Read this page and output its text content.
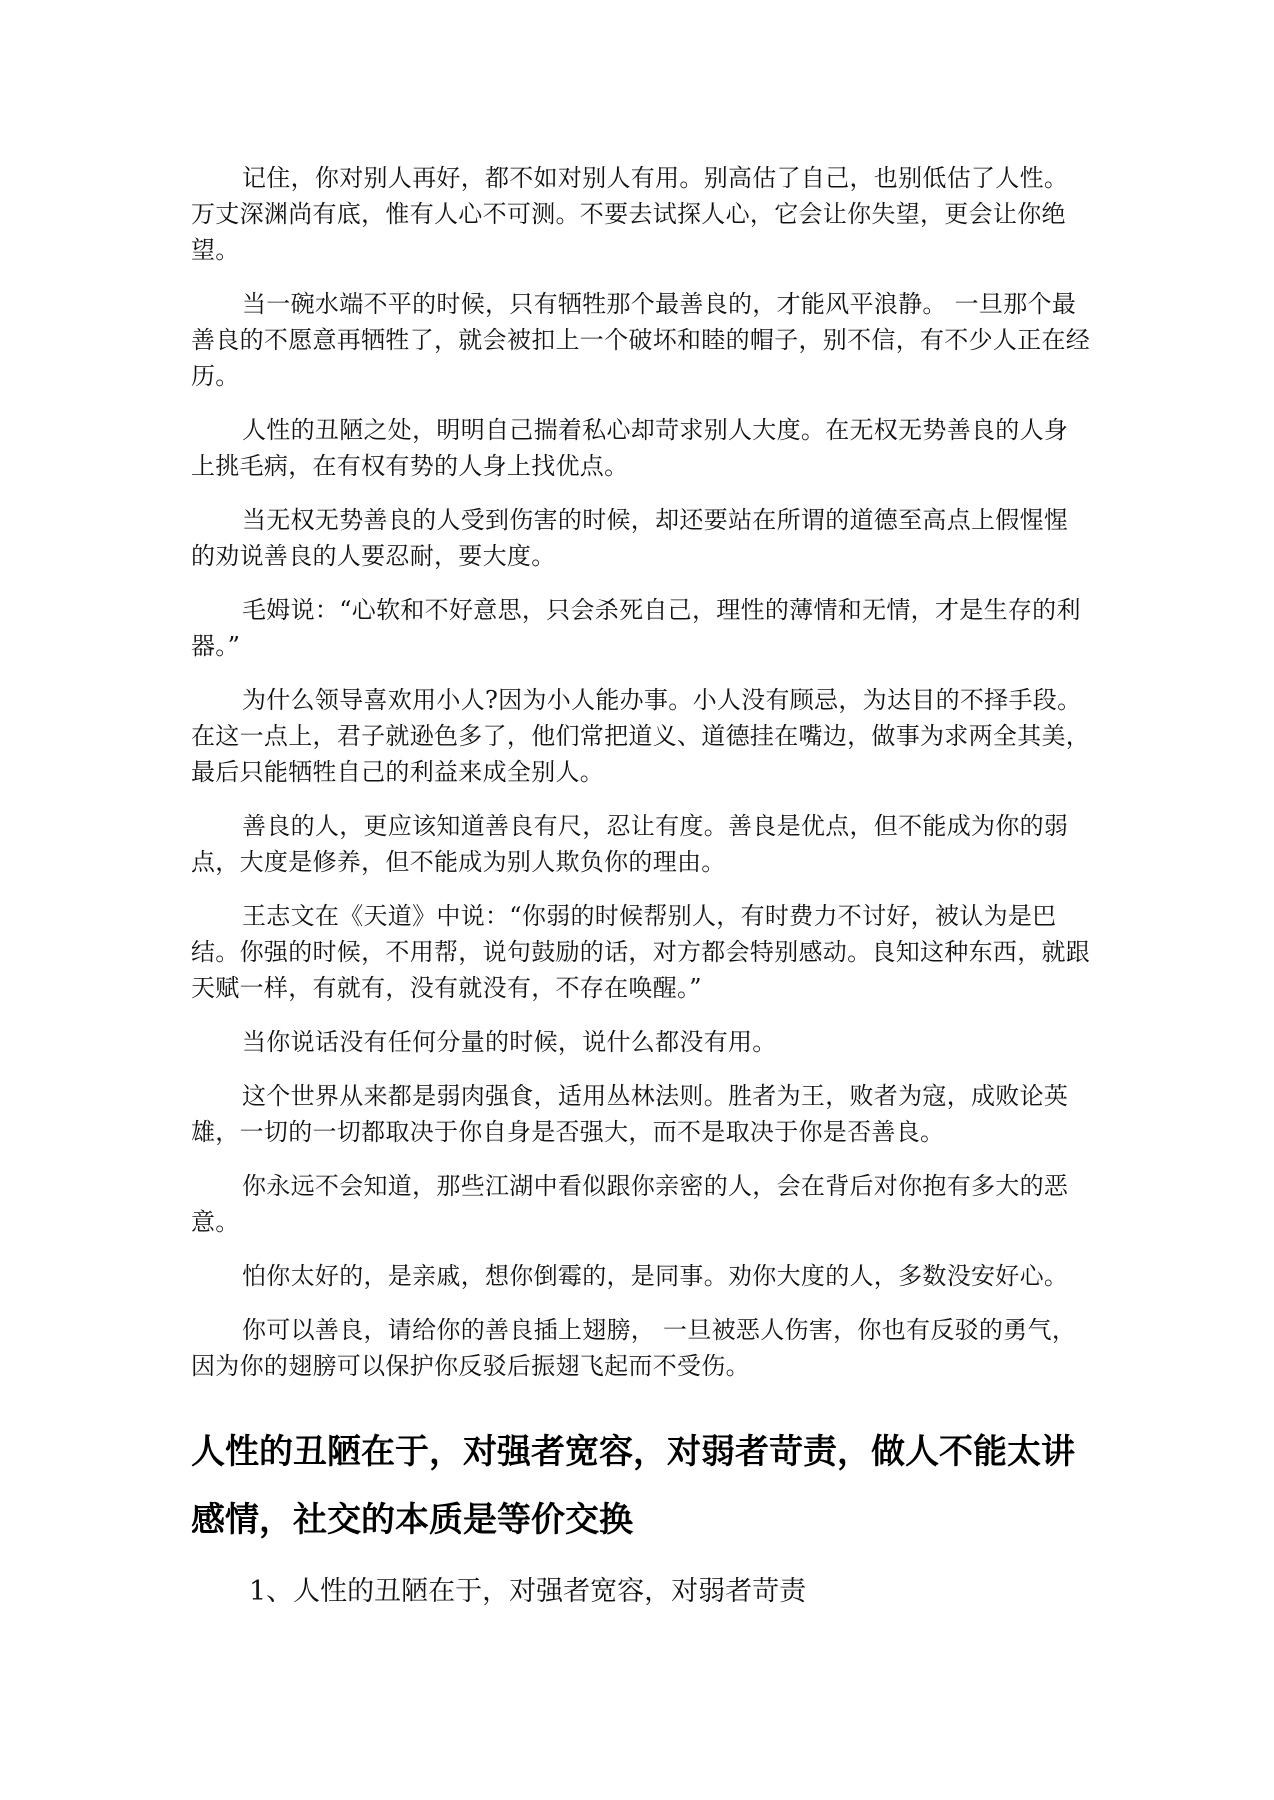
记住，你对别人再好，都不如对别人有用。别高估了自己，也别低估了人性。万丈深渊尚有底，惟有人心不可测。不要去试探人心，它会让你失望，更会让你绝望。

当一碗水端不平的时候，只有牺牲那个最善良的，才能风平浪静。 一旦那个最善良的不愿意再牺牲了，就会被扣上一个破坏和睦的帽子，别不信，有不少人正在经历。

人性的丑陋之处，明明自己揣着私心却苛求别人大度。在无权无势善良的人身上挑毛病，在有权有势的人身上找优点。

当无权无势善良的人受到伤害的时候，却还要站在所谓的道德至高点上假惺惺的劝说善良的人要忍耐，要大度。

毛姆说：“心软和不好意思，只会杀死自己，理性的薄情和无情，才是生存的利器。”

为什么领导喜欢用小人?因为小人能办事。小人没有顾忌，为达目的不择手段。在这一点上，君子就逊色多了，他们常把道义、道德挂在嘴边，做事为求两全其美，最后只能牺牲自己的利益来成全别人。

善良的人，更应该知道善良有尺，忍让有度。善良是优点，但不能成为你的弱点，大度是修养，但不能成为别人欺负你的理由。

王志文在《天道》中说：“你弱的时候帮别人，有时费力不讨好，被认为是巴结。你强的时候，不用帮，说句鼓励的话，对方都会特别感动。良知这种东西，就跟天赋一样，有就有，没有就没有，不存在唤醒。”

当你说话没有任何分量的时候，说什么都没有用。

这个世界从来都是弱肉强食，适用丛林法则。胜者为王，败者为寇，成败论英雄，一切的一切都取决于你自身是否强大，而不是取决于你是否善良。

你永远不会知道，那些江湖中看似跟你亲密的人，会在背后对你抱有多大的恶意。

怕你太好的，是亲戚，想你倒霉的，是同事。劝你大度的人，多数没安好心。

你可以善良，请给你的善良插上翅膀， 一旦被恶人伤害，你也有反驳的勇气，因为你的翅膀可以保护你反驳后振翅飞起而不受伤。

人性的丑陋在于，对强者宽容，对弱者苛责，做人不能太讲感情，社交的本质是等价交换

1、人性的丑陋在于，对强者宽容，对弱者苛责
